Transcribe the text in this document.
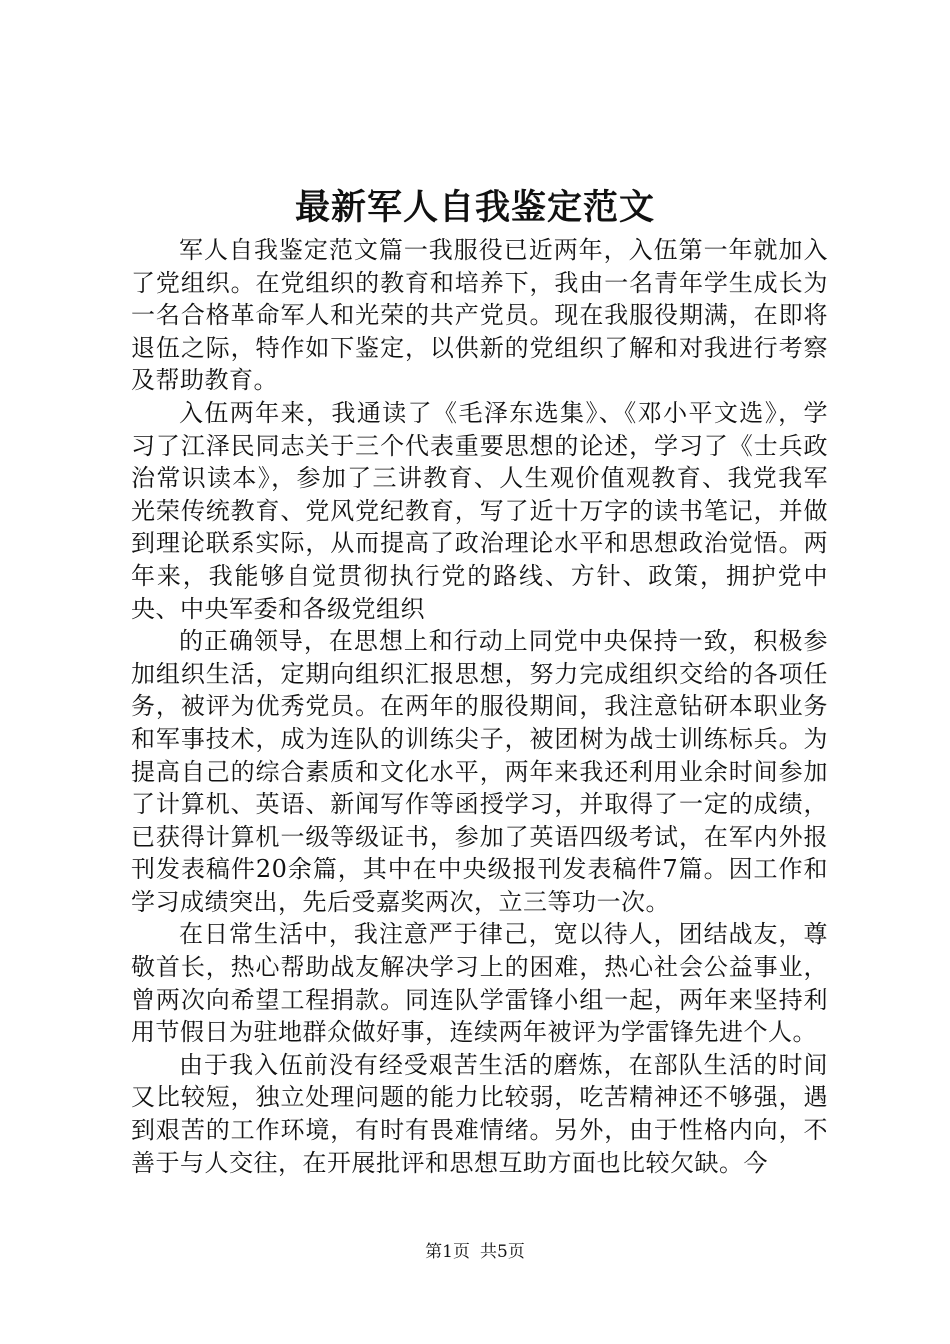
最新军人自我鉴定范文

军人自我鉴定范文篇一我服役已近两年，入伍第一年就加入了党组织。在党组织的教育和培养下，我由一名青年学生成长为一名合格革命军人和光荣的共产党员。现在我服役期满，在即将退伍之际，特作如下鉴定，以供新的党组织了解和对我进行考察及帮助教育。

入伍两年来，我通读了《毛泽东选集》、《邓小平文选》，学习了江泽民同志关于三个代表重要思想的论述，学习了《士兵政治常识读本》，参加了三讲教育、人生观价值观教育、我党我军光荣传统教育、党风党纪教育，写了近十万字的读书笔记，并做到理论联系实际，从而提高了政治理论水平和思想政治觉悟。两年来，我能够自觉贯彻执行党的路线、方针、政策，拥护党中央、中央军委和各级党组织

的正确领导，在思想上和行动上同党中央保持一致，积极参加组织生活，定期向组织汇报思想，努力完成组织交给的各项任务，被评为优秀党员。在两年的服役期间，我注意钻研本职业务和军事技术，成为连队的训练尖子，被团树为战士训练标兵。为提高自己的综合素质和文化水平，两年来我还利用业余时间参加了计算机、英语、新闻写作等函授学习，并取得了一定的成绩，已获得计算机一级等级证书，参加了英语四级考试，在军内外报刊发表稿件20余篇，其中在中央级报刊发表稿件7篇。因工作和学习成绩突出，先后受嘉奖两次，立三等功一次。

在日常生活中，我注意严于律己，宽以待人，团结战友，尊敬首长，热心帮助战友解决学习上的困难，热心社会公益事业，曾两次向希望工程捐款。同连队学雷锋小组一起，两年来坚持利用节假日为驻地群众做好事，连续两年被评为学雷锋先进个人。

由于我入伍前没有经受艰苦生活的磨炼，在部队生活的时间又比较短，独立处理问题的能力比较弱，吃苦精神还不够强，遇到艰苦的工作环境，有时有畏难情绪。另外，由于性格内向，不善于与人交往，在开展批评和思想互助方面也比较欠缺。今

第1页 共5页
